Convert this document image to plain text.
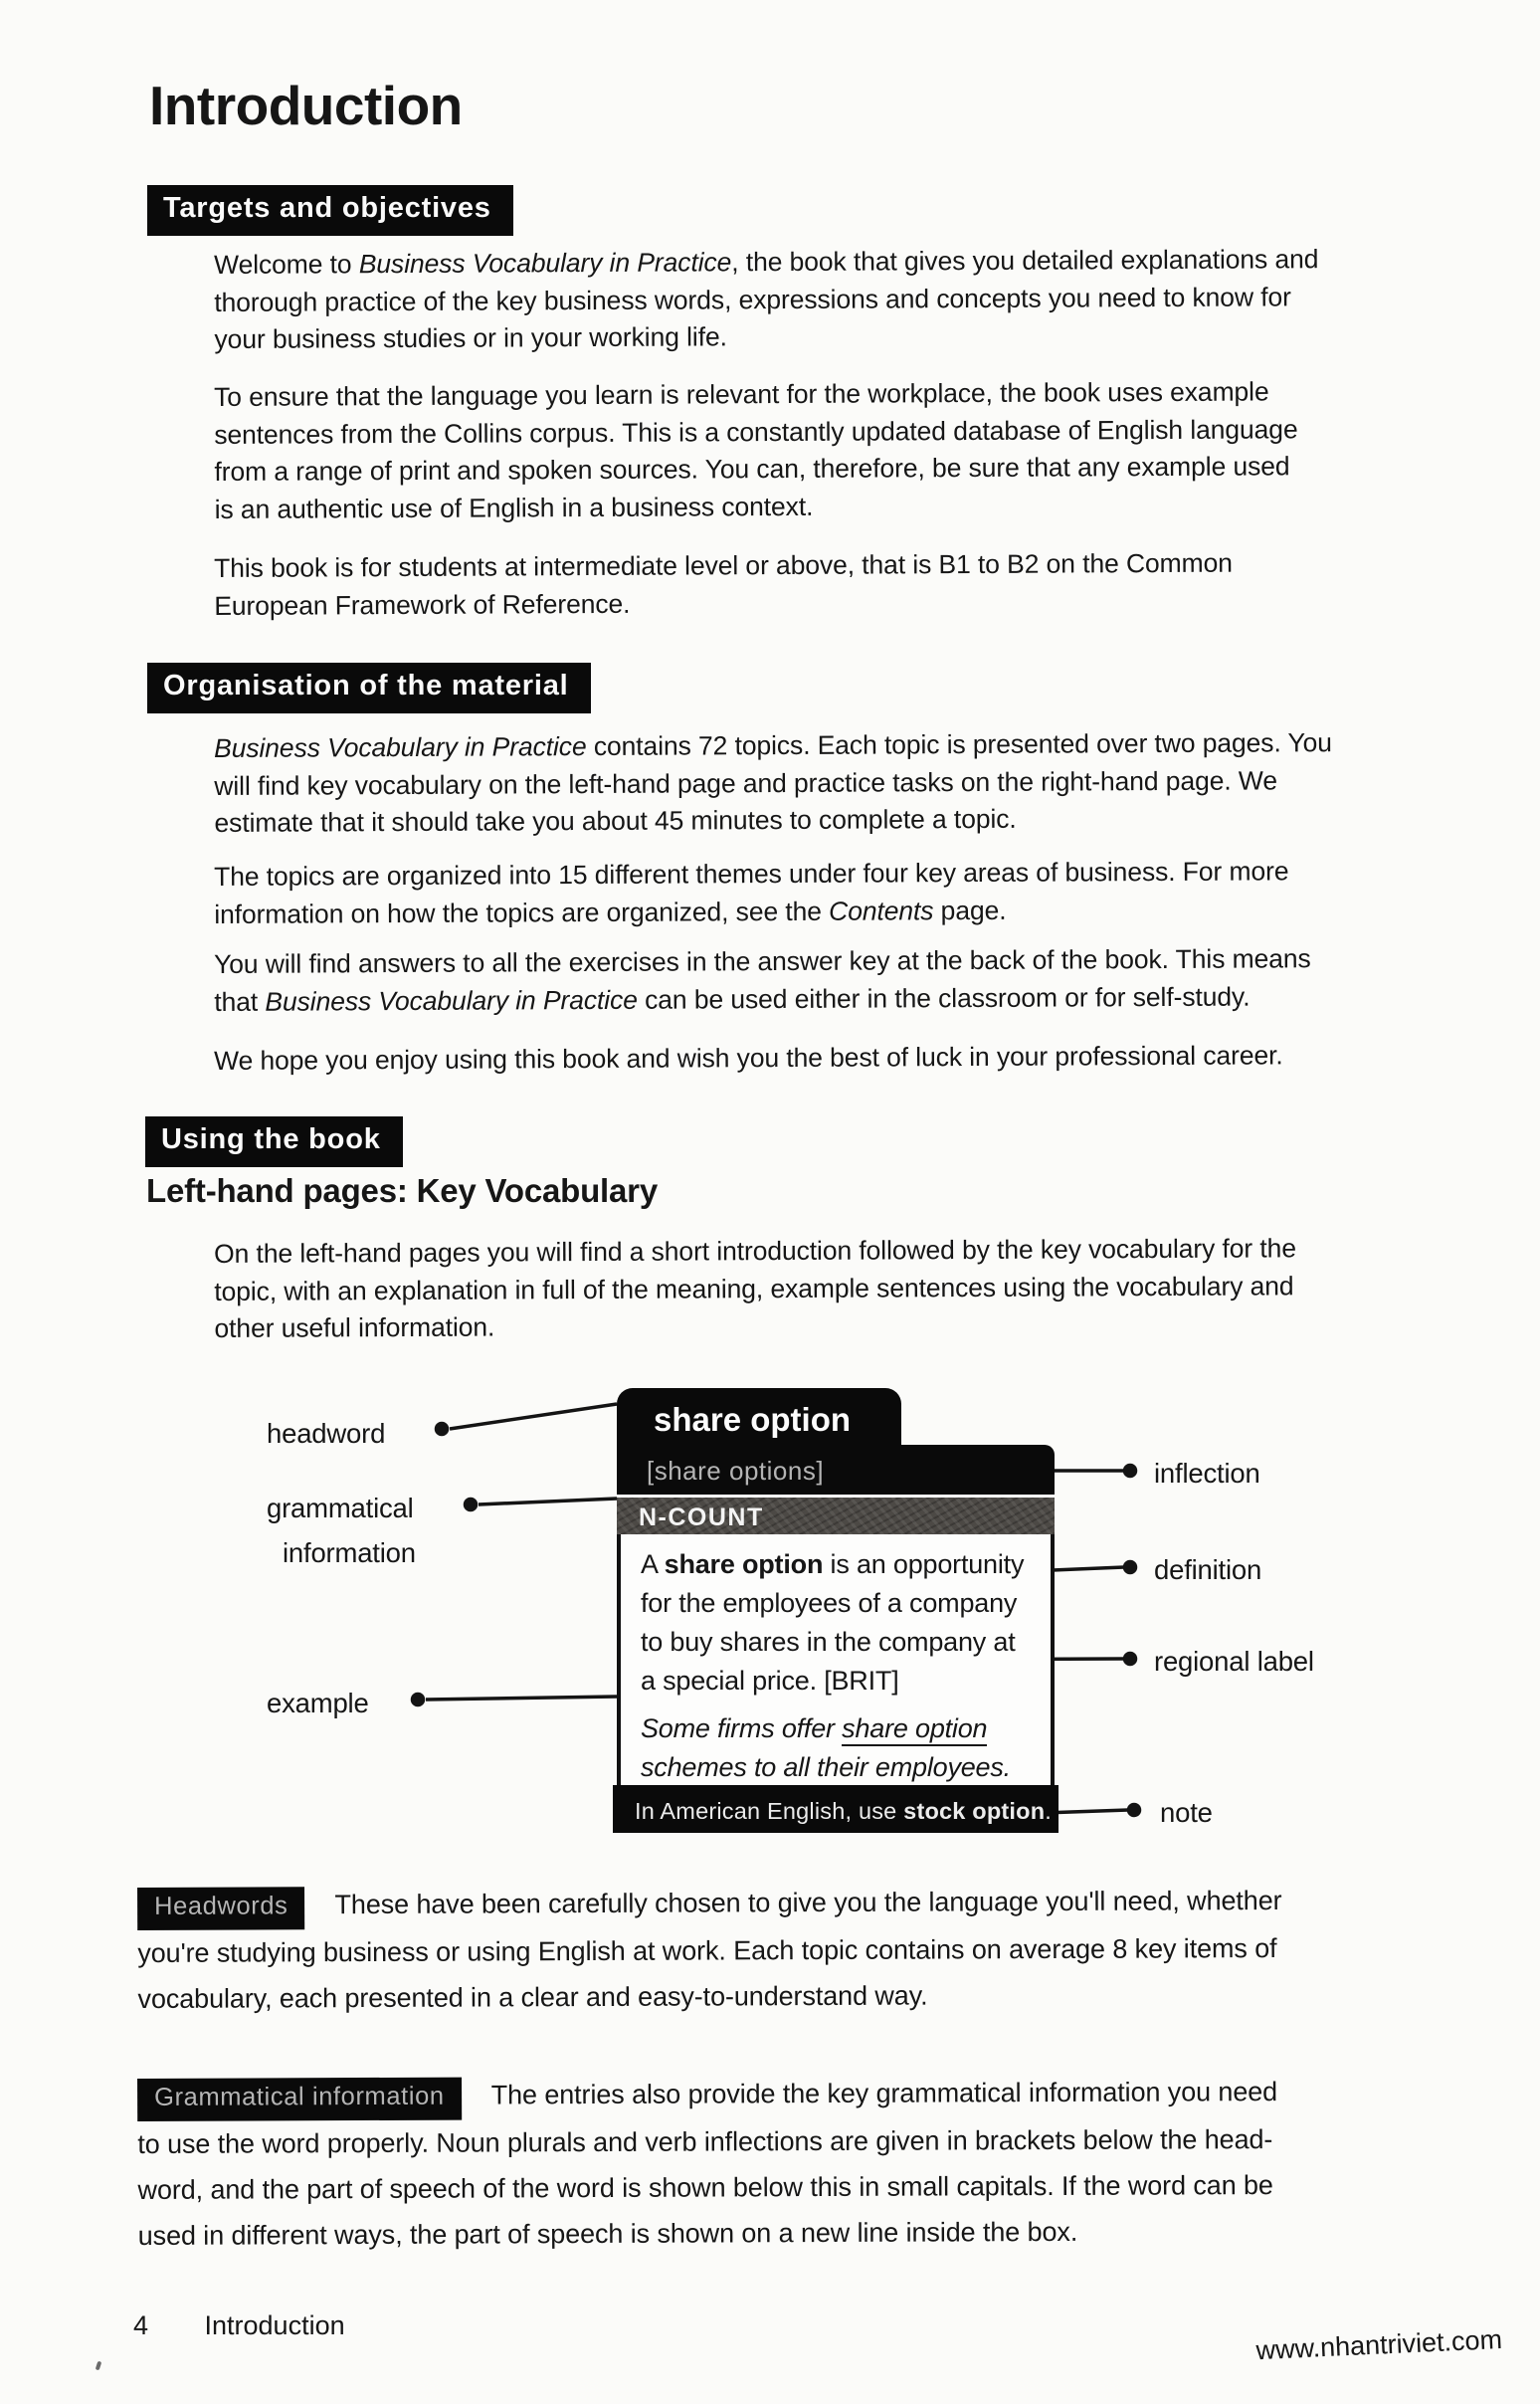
Introduction
Targets and objectives
Welcome to Business Vocabulary in Practice, the book that gives you detailed explanations and
thorough practice of the key business words, expressions and concepts you need to know for
your business studies or in your working life.
To ensure that the language you learn is relevant for the workplace, the book uses example
sentences from the Collins corpus. This is a constantly updated database of English language
from a range of print and spoken sources. You can, therefore, be sure that any example used
is an authentic use of English in a business context.
This book is for students at intermediate level or above, that is B1 to B2 on the Common
European Framework of Reference.
Organisation of the material
Business Vocabulary in Practice contains 72 topics. Each topic is presented over two pages. You
will find key vocabulary on the left-hand page and practice tasks on the right-hand page. We
estimate that it should take you about 45 minutes to complete a topic.
The topics are organized into 15 different themes under four key areas of business. For more
information on how the topics are organized, see the Contents page.
You will find answers to all the exercises in the answer key at the back of the book. This means
that Business Vocabulary in Practice can be used either in the classroom or for self-study.
We hope you enjoy using this book and wish you the best of luck in your professional career.
Using the book
Left-hand pages: Key Vocabulary
On the left-hand pages you will find a short introduction followed by the key vocabulary for the
topic, with an explanation in full of the meaning, example sentences using the vocabulary and
other useful information.
share option
[share options]
N-COUNT
A share option is an opportunity
for the employees of a company
to buy shares in the company at
a special price. [BRIT]
Some firms offer share option
schemes to all their employees.
In American English, use stock option.
headword
grammatical
information
example
inflection
definition
regional label
note
Headwords These have been carefully chosen to give you the language you'll need, whether
you're studying business or using English at work. Each topic contains on average 8 key items of
vocabulary, each presented in a clear and easy-to-understand way.
Grammatical information The entries also provide the key grammatical information you need
to use the word properly. Noun plurals and verb inflections are given in brackets below the head-
word, and the part of speech of the word is shown below this in small capitals. If the word can be
used in different ways, the part of speech is shown on a new line inside the box.
4 Introduction	www.nhantriviet.com
